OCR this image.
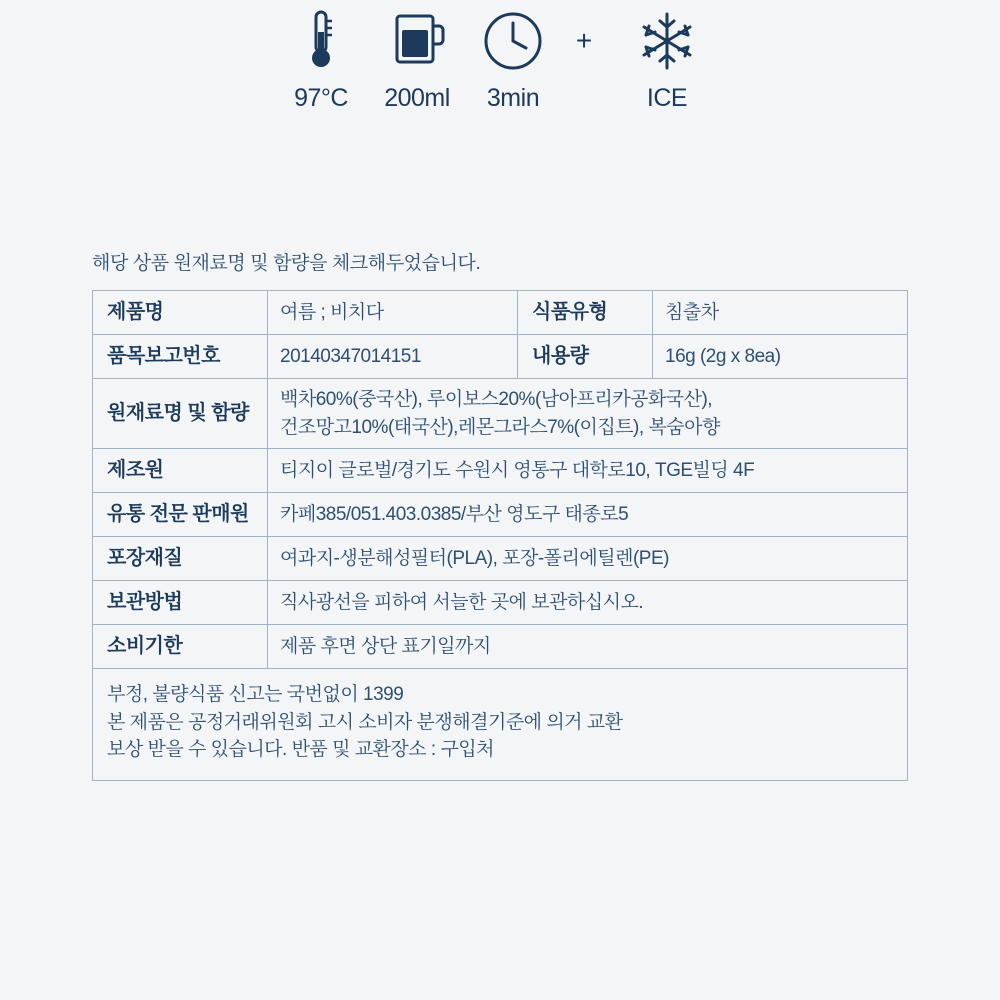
97°C 200ml 3min
+
ICE
해당 상품 원재료명 및 함량을 체크해두었습니다.
제품명	여름 ; 비치다	식품유형	침출차
품목보고번호	20140347014151	내용량	16g (2g x 8ea)
원재료명 및 함량	백차60%(중국산), 루이보스20%(남아프리카공화국산),
건조망고10%(태국산),레몬그라스7%(이집트), 복숨아향		

제조원	티지이 글로벌/경기도 수원시 영통구 대학로10, TGE빌딩 4F		
유통 전문 판매원	카페385/051.403.0385/부산 영도구 태종로5		
포장재질	여과지-생분해성필터(PLA), 포장-폴리에틸렌(PE)		
보관방법	직사광선을 피하여 서늘한 곳에 보관하십시오.		
소비기한	제품 후면 상단 표기일까지		

부정, 불량식품 신고는 국번없이 1399
본 제품은 공정거래위원회 고시 소비자 분쟁해결기준에 의거 교환
보상 받을 수 있습니다. 반품 및 교환장소 : 구입처			
